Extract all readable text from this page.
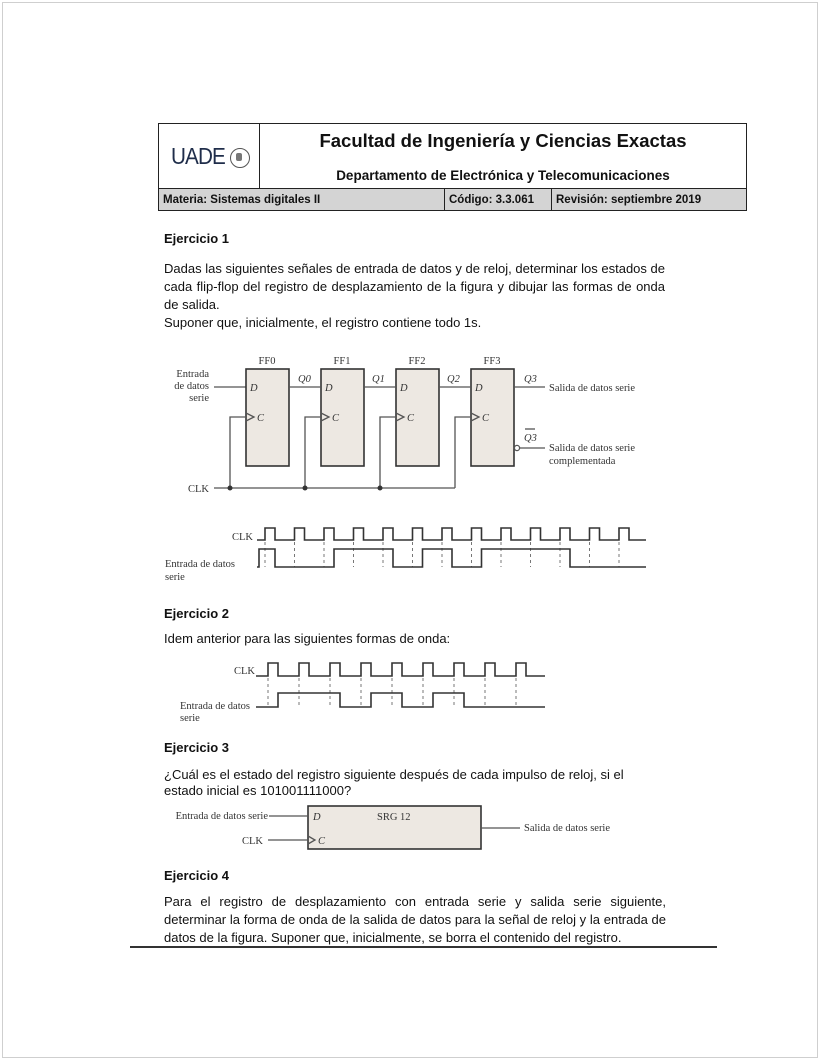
UADE
Facultad de Ingeniería y Ciencias Exactas
Departamento de Electrónica y Telecomunicaciones
Materia: Sistemas digitales II	Código: 3.3.061	Revisión: septiembre 2019
Ejercicio 1

Dadas las siguientes señales de entrada de datos y de reloj, determinar los estados de cada flip-flop del registro de desplazamiento de la figura y dibujar las formas de onda de salida.

Suponer que, inicialmente, el registro contiene todo 1s.

Entrada
de datos
serie
FF0
D
C
FF1
D
C
FF2
D
C
FF3
D
C
Q0	Q1	Q2	Q3
Salida de datos serie
Q3
Salida de datos serie
complementada
CLK
CLK
Entrada de datos
serie
CLK
Entrada de datos
serie
Entrada de datos serie
CLK
D
C
SRG 12
Salida de datos serie
Ejercicio 2
Idem anterior para las siguientes formas de onda:
Ejercicio 3
¿Cuál es el estado del registro siguiente después de cada impulso de reloj, si el estado inicial es 101001111000?
Ejercicio 4
Para el registro de desplazamiento con entrada serie y salida serie siguiente, determinar la forma de onda de la salida de datos para la señal de reloj y la entrada de datos de la figura. Suponer que, inicialmente, se borra el contenido del registro.
